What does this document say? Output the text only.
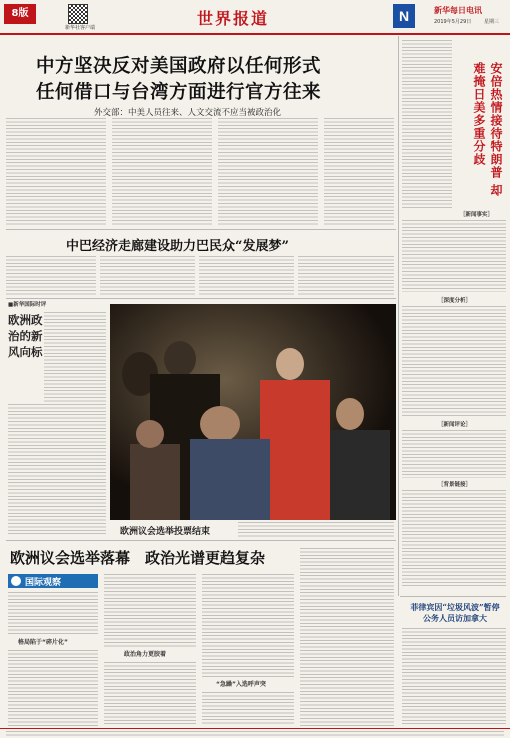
8版
新华社客户端	世界报道	N	新华每日电讯
2019年5月29日	星期三
中方坚决反对美国政府以任何形式
任何借口与台湾方面进行官方往来
外交部：中美人员往来、人文交流不应当被政治化	安倍热情接待特朗普 却难掩日美多重分歧
［新闻事实］
［深度分析］
［新闻评论］
［背景链接］
中巴经济走廊建设助力巴民众“发展梦”
■新华国际时评
欧洲政治的新风向标
欧洲议会选举投票结束
欧洲议会选举落幕　政治光谱更趋复杂
国际观察
格局陷于“碎片化”
政治角力更胶着
“急躁”入选呼声突
菲律宾因“垃圾风波”暂停公务人员访加拿大
